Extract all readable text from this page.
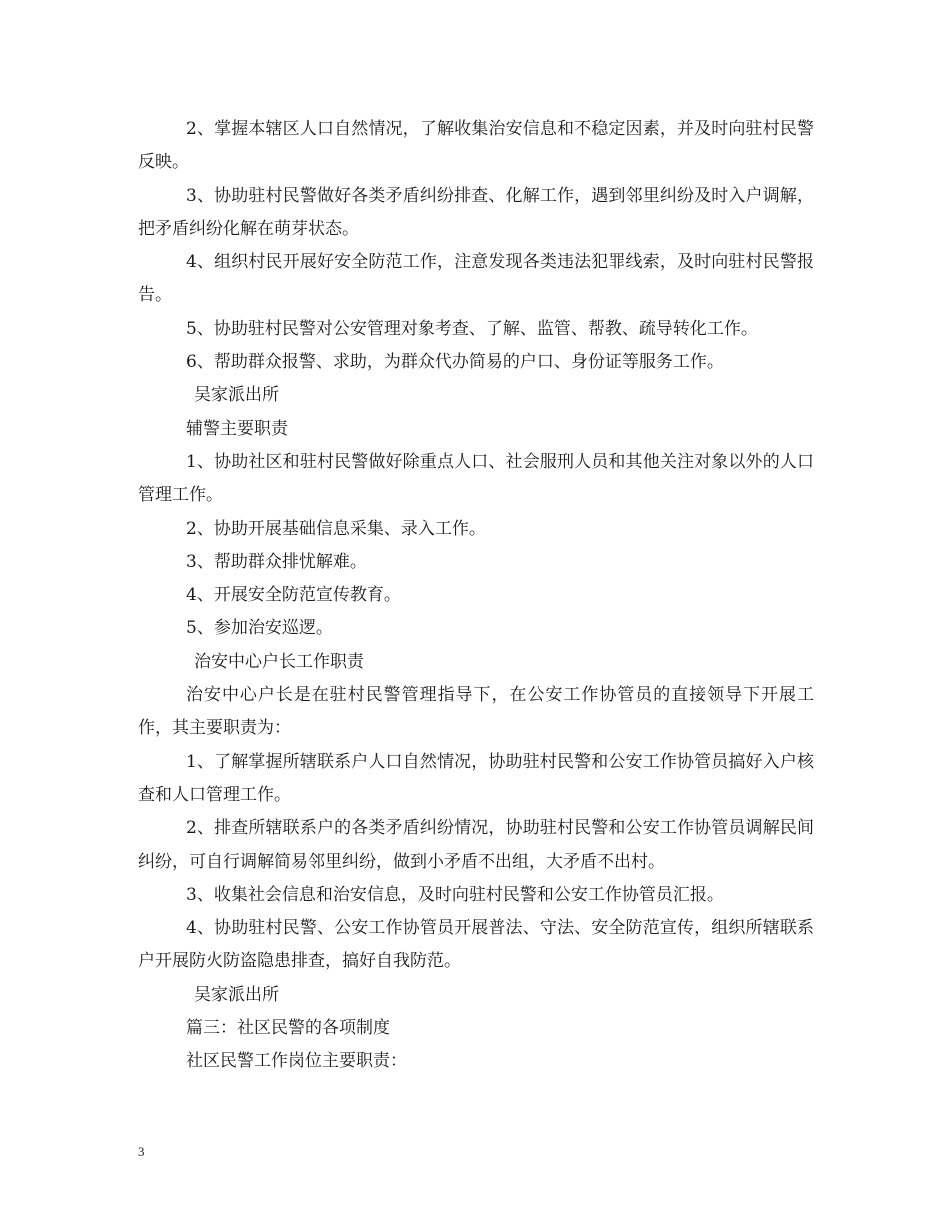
2、掌握本辖区人口自然情况，了解收集治安信息和不稳定因素，并及时向驻村民警反映。

3、协助驻村民警做好各类矛盾纠纷排查、化解工作，遇到邻里纠纷及时入户调解，把矛盾纠纷化解在萌芽状态。

4、组织村民开展好安全防范工作，注意发现各类违法犯罪线索，及时向驻村民警报告。

5、协助驻村民警对公安管理对象考查、了解、监管、帮教、疏导转化工作。

6、帮助群众报警、求助，为群众代办简易的户口、身份证等服务工作。

吴家派出所

辅警主要职责

1、协助社区和驻村民警做好除重点人口、社会服刑人员和其他关注对象以外的人口管理工作。

2、协助开展基础信息采集、录入工作。

3、帮助群众排忧解难。

4、开展安全防范宣传教育。

5、参加治安巡逻。

治安中心户长工作职责

治安中心户长是在驻村民警管理指导下，在公安工作协管员的直接领导下开展工作，其主要职责为：

1、了解掌握所辖联系户人口自然情况，协助驻村民警和公安工作协管员搞好入户核查和人口管理工作。

2、排查所辖联系户的各类矛盾纠纷情况，协助驻村民警和公安工作协管员调解民间纠纷，可自行调解简易邻里纠纷，做到小矛盾不出组，大矛盾不出村。

3、收集社会信息和治安信息，及时向驻村民警和公安工作协管员汇报。

4、协助驻村民警、公安工作协管员开展普法、守法、安全防范宣传，组织所辖联系户开展防火防盗隐患排查，搞好自我防范。

吴家派出所

篇三：社区民警的各项制度

社区民警工作岗位主要职责：

3
